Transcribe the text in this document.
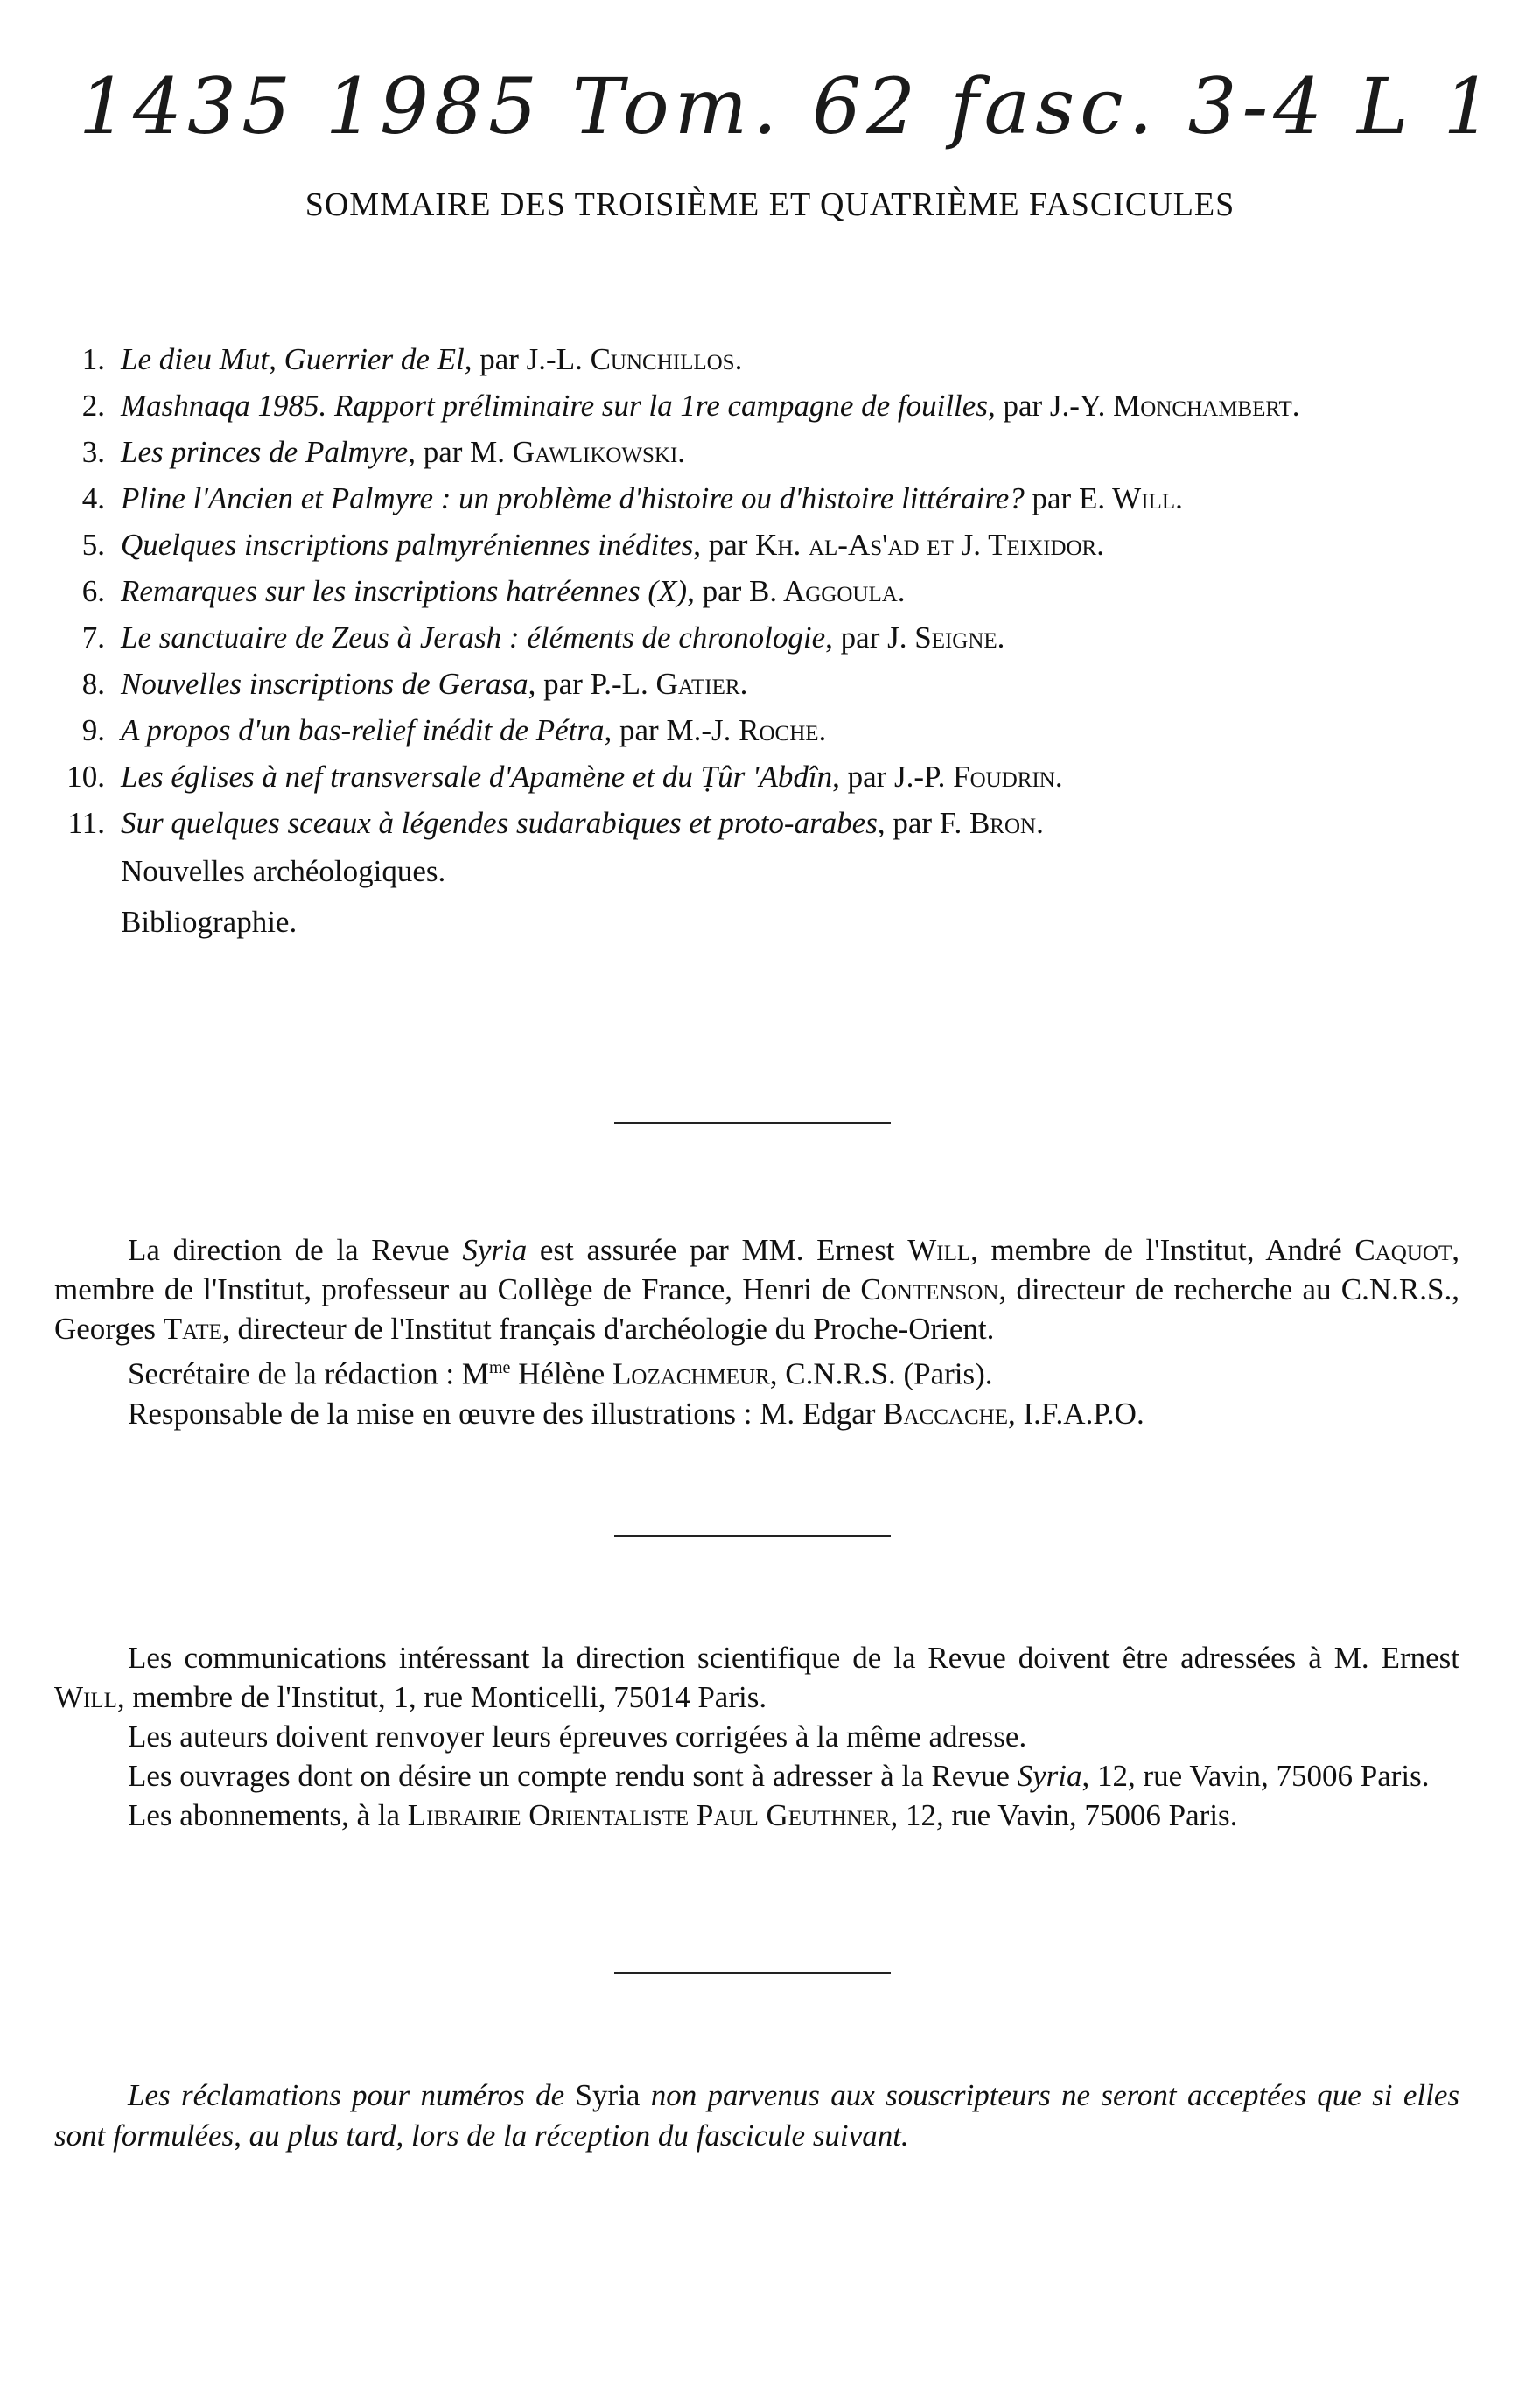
1435 1985 Tom. 62 fasc. 3-4 L 1
SOMMAIRE DES TROISIÈME ET QUATRIÈME FASCICULES
1. Le dieu Mut, Guerrier de El, par J.-L. Cunchillos.
2. Mashnaqa 1985. Rapport préliminaire sur la 1re campagne de fouilles, par J.-Y. Monchambert.
3. Les princes de Palmyre, par M. Gawlikowski.
4. Pline l'Ancien et Palmyre : un problème d'histoire ou d'histoire littéraire? par E. Will.
5. Quelques inscriptions palmyréniennes inédites, par Kh. al-As'ad et J. Teixidor.
6. Remarques sur les inscriptions hatréennes (X), par B. Aggoula.
7. Le sanctuaire de Zeus à Jerash : éléments de chronologie, par J. Seigne.
8. Nouvelles inscriptions de Gerasa, par P.-L. Gatier.
9. A propos d'un bas-relief inédit de Pétra, par M.-J. Roche.
10. Les églises à nef transversale d'Apamène et du Ṭûr 'Abdîn, par J.-P. Foudrin.
11. Sur quelques sceaux à légendes sudarabiques et proto-arabes, par F. Bron.
Nouvelles archéologiques.
Bibliographie.

La direction de la Revue Syria est assurée par MM. Ernest Will, membre de l'Institut, André Caquot, membre de l'Institut, professeur au Collège de France, Henri de Contenson, directeur de recherche au C.N.R.S., Georges Tate, directeur de l'Institut français d'archéologie du Proche-Orient.

Secrétaire de la rédaction : $M^{me}$ Hélène Lozachmeur, C.N.R.S. (Paris).

Responsable de la mise en œuvre des illustrations : M. Edgar Baccache, I.F.A.P.O.

Les communications intéressant la direction scientifique de la Revue doivent être adressées à M. Ernest Will, membre de l'Institut, 1, rue Monticelli, 75014 Paris.

Les auteurs doivent renvoyer leurs épreuves corrigées à la même adresse.

Les ouvrages dont on désire un compte rendu sont à adresser à la Revue Syria, 12, rue Vavin, 75006 Paris.

Les abonnements, à la Librairie Orientaliste Paul Geuthner, 12, rue Vavin, 75006 Paris.

Les réclamations pour numéros de Syria non parvenus aux souscripteurs ne seront acceptées que si elles sont formulées, au plus tard, lors de la réception du fascicule suivant.
